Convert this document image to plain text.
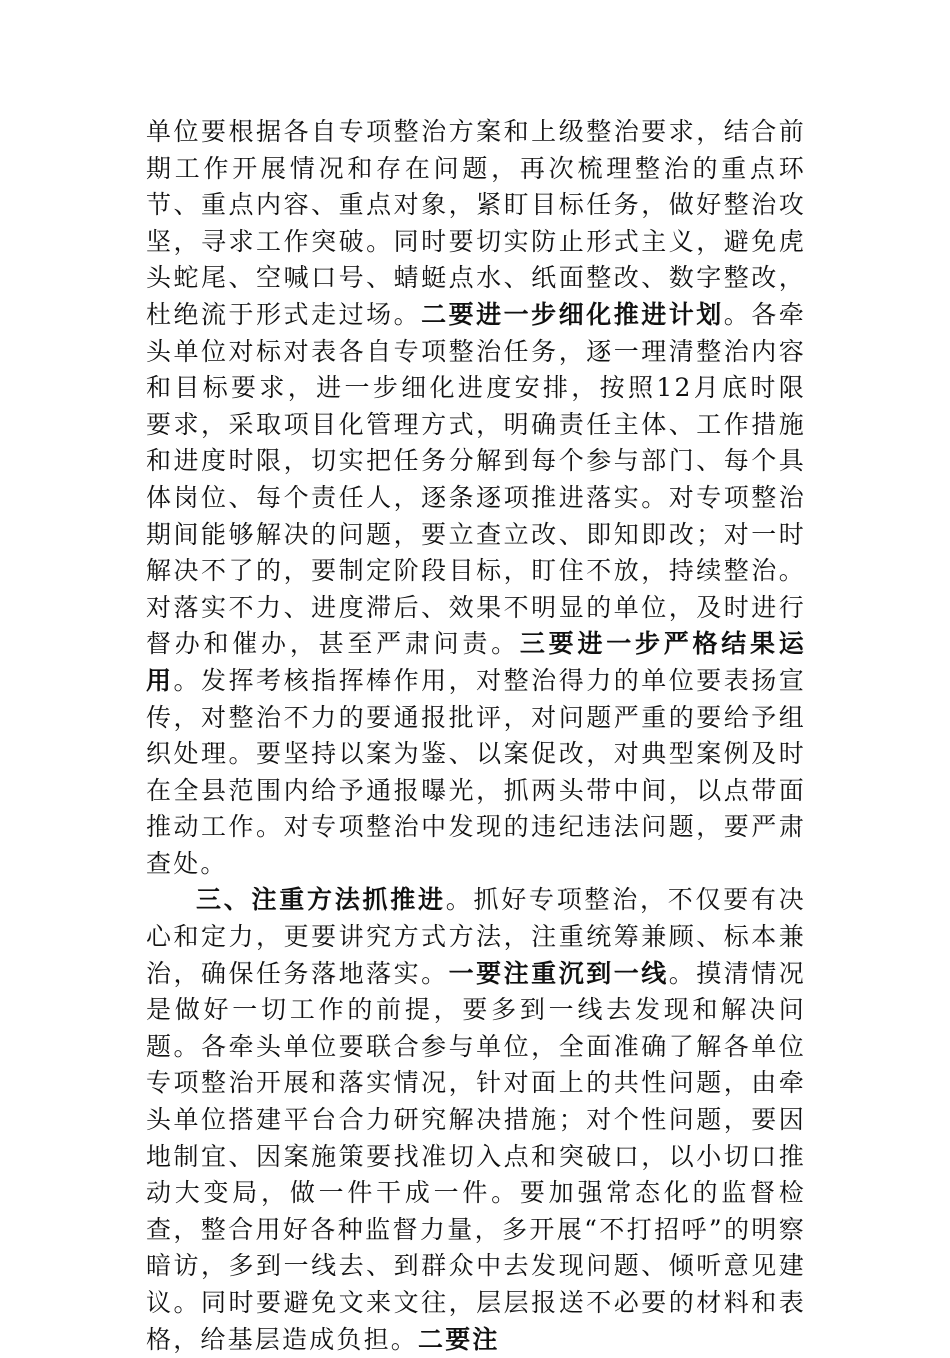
单位要根据各自专项整治方案和上级整治要求，结合前期工作开展情况和存在问题，再次梳理整治的重点环节、重点内容、重点对象，紧盯目标任务，做好整治攻坚，寻求工作突破。同时要切实防止形式主义，避免虎头蛇尾、空喊口号、蜻蜓点水、纸面整改、数字整改，杜绝流于形式走过场。二要进一步细化推进计划。各牵头单位对标对表各自专项整治任务，逐一理清整治内容和目标要求，进一步细化进度安排，按照12月底时限要求，采取项目化管理方式，明确责任主体、工作措施和进度时限，切实把任务分解到每个参与部门、每个具体岗位、每个责任人，逐条逐项推进落实。对专项整治期间能够解决的问题，要立查立改、即知即改；对一时解决不了的，要制定阶段目标，盯住不放，持续整治。对落实不力、进度滞后、效果不明显的单位，及时进行督办和催办，甚至严肃问责。三要进一步严格结果运用。发挥考核指挥棒作用，对整治得力的单位要表扬宣传，对整治不力的要通报批评，对问题严重的要给予组织处理。要坚持以案为鉴、以案促改，对典型案例及时在全县范围内给予通报曝光，抓两头带中间，以点带面推动工作。对专项整治中发现的违纪违法问题，要严肃查处。

三、注重方法抓推进。抓好专项整治，不仅要有决心和定力，更要讲究方式方法，注重统筹兼顾、标本兼治，确保任务落地落实。一要注重沉到一线。摸清情况是做好一切工作的前提，要多到一线去发现和解决问题。各牵头单位要联合参与单位，全面准确了解各单位专项整治开展和落实情况，针对面上的共性问题，由牵头单位搭建平台合力研究解决措施；对个性问题，要因地制宜、因案施策要找准切入点和突破口，以小切口推动大变局，做一件干成一件。要加强常态化的监督检查，整合用好各种监督力量，多开展“不打招呼”的明察暗访，多到一线去、到群众中去发现问题、倾听意见建议。同时要避免文来文往，层层报送不必要的材料和表格，给基层造成负担。二要注
